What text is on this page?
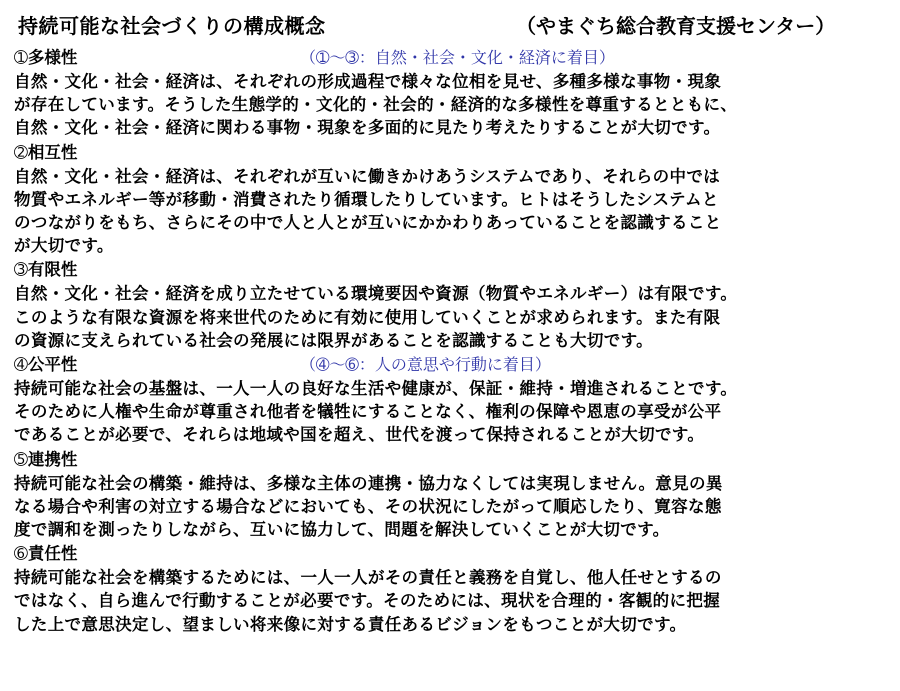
持続可能な社会づくりの構成概念	（やまぐち総合教育支援センター）
➀多様性	（➀～➂：自然・社会・文化・経済に着目）
自然・文化・社会・経済は、それぞれの形成過程で様々な位相を見せ、多種多様な事物・現象
が存在しています。そうした生態学的・文化的・社会的・経済的な多様性を尊重するとともに、
自然・文化・社会・経済に関わる事物・現象を多面的に見たり考えたりすることが大切です。
➁相互性
自然・文化・社会・経済は、それぞれが互いに働きかけあうシステムであり、それらの中では
物質やエネルギー等が移動・消費されたり循環したりしています。ヒトはそうしたシステムと
のつながりをもち、さらにその中で人と人とが互いにかかわりあっていることを認識すること
が大切です。
➂有限性
自然・文化・社会・経済を成り立たせている環境要因や資源（物質やエネルギー）は有限です。
このような有限な資源を将来世代のために有効に使用していくことが求められます。また有限
の資源に支えられている社会の発展には限界があることを認識することも大切です。
➃公平性	（➃～➅：人の意思や行動に着目）
持続可能な社会の基盤は、一人一人の良好な生活や健康が、保証・維持・増進されることです。
そのために人権や生命が尊重され他者を犠牲にすることなく、権利の保障や恩恵の享受が公平
であることが必要で、それらは地域や国を超え、世代を渡って保持されることが大切です。
➄連携性
持続可能な社会の構築・維持は、多様な主体の連携・協力なくしては実現しません。意見の異
なる場合や利害の対立する場合などにおいても、その状況にしたがって順応したり、寛容な態
度で調和を測ったりしながら、互いに協力して、問題を解決していくことが大切です。
➅責任性
持続可能な社会を構築するためには、一人一人がその責任と義務を自覚し、他人任せとするの
ではなく、自ら進んで行動することが必要です。そのためには、現状を合理的・客観的に把握
した上で意思決定し、望ましい将来像に対する責任あるビジョンをもつことが大切です。
